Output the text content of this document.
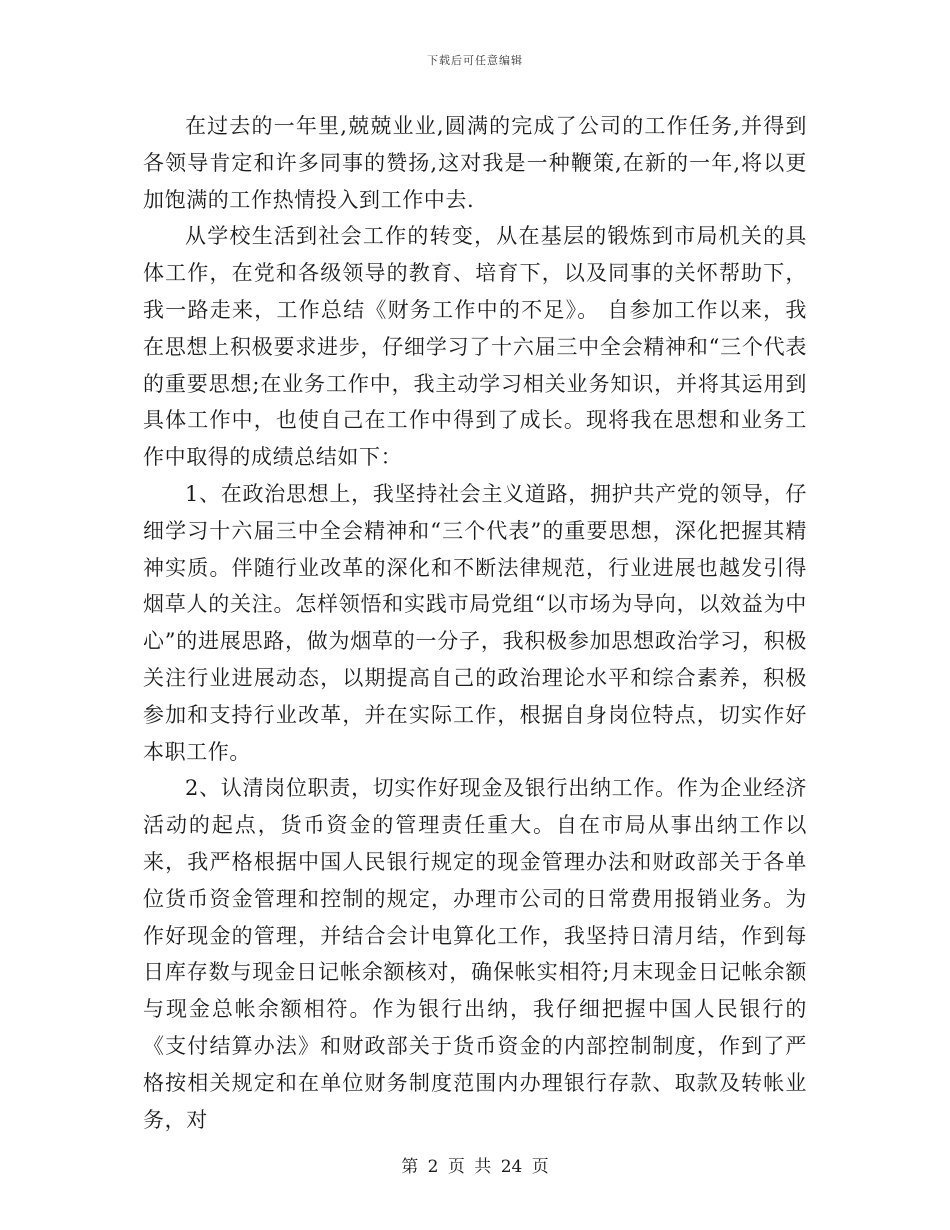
下载后可任意编辑

在过去的一年里,兢兢业业,圆满的完成了公司的工作任务,并得到各领导肯定和许多同事的赞扬,这对我是一种鞭策,在新的一年,将以更加饱满的工作热情投入到工作中去.

从学校生活到社会工作的转变，从在基层的锻炼到市局机关的具体工作，在党和各级领导的教育、培育下，以及同事的关怀帮助下，我一路走来，工作总结《财务工作中的不足》。 自参加工作以来，我在思想上积极要求进步，仔细学习了十六届三中全会精神和“三个代表的重要思想;在业务工作中，我主动学习相关业务知识，并将其运用到具体工作中，也使自己在工作中得到了成长。现将我在思想和业务工作中取得的成绩总结如下：

1、在政治思想上，我坚持社会主义道路，拥护共产党的领导，仔细学习十六届三中全会精神和“三个代表”的重要思想，深化把握其精神实质。伴随行业改革的深化和不断法律规范，行业进展也越发引得烟草人的关注。怎样领悟和实践市局党组“以市场为导向，以效益为中心”的进展思路，做为烟草的一分子，我积极参加思想政治学习，积极关注行业进展动态，以期提高自己的政治理论水平和综合素养，积极参加和支持行业改革，并在实际工作，根据自身岗位特点，切实作好本职工作。

2、认清岗位职责，切实作好现金及银行出纳工作。作为企业经济活动的起点，货币资金的管理责任重大。自在市局从事出纳工作以来，我严格根据中国人民银行规定的现金管理办法和财政部关于各单位货币资金管理和控制的规定，办理市公司的日常费用报销业务。为作好现金的管理，并结合会计电算化工作，我坚持日清月结，作到每日库存数与现金日记帐余额核对，确保帐实相符;月末现金日记帐余额与现金总帐余额相符。作为银行出纳，我仔细把握中国人民银行的《支付结算办法》和财政部关于货币资金的内部控制制度，作到了严格按相关规定和在单位财务制度范围内办理银行存款、取款及转帐业务，对

第 2 页 共 24 页
